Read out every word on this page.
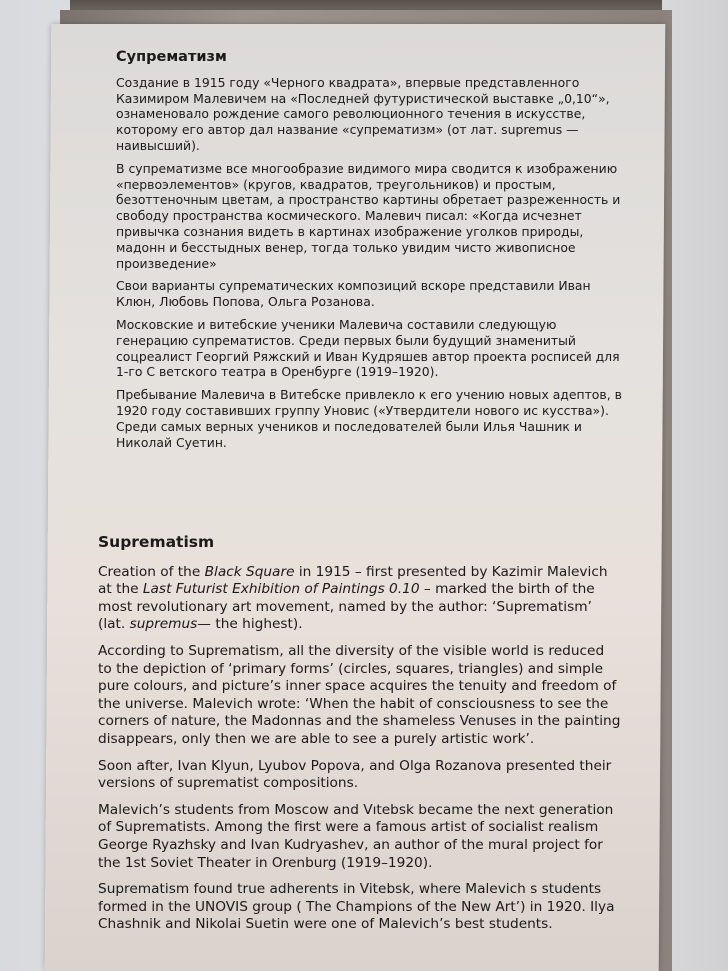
Супрематизм

Создание в 1915 году «Черного квадрата», впервые представленного Казимиром Малевичем на «Последней футуристической выставке „0,10“», ознаменовало рождение самого революционного течения в искусстве, которому его автор дал название «супрематизм» (от лат. supremus — наивысший).

В супрематизме все многообразие видимого мира сводится к изображению «первоэлементов» (кругов, квадратов, треугольников) и простым, безоттеночным цветам, а пространство картины обретает разреженность и свободу пространства космического. Малевич писал: «Когда исчезнет привычка сознания видеть в картинах изображение уголков природы, мадонн и бесстыдных венер, тогда только увидим чисто живописное произведение»

Свои варианты супрематических композиций вскоре представили Иван Клюн, Любовь Попова, Ольга Розанова.

Московские и витебские ученики Малевича составили следующую генерацию супрематистов. Среди первых были будущий знаменитый соцреалист Георгий Ряжский и Иван Кудряшев автор проекта росписей для 1-го С ветского театра в Оренбурге (1919–1920).

Пребывание Малевича в Витебске привлекло к его учению новых адептов, в 1920 году составивших группу Уновис («Утвердители нового ис кусства»). Среди самых верных учеников и последователей были Илья Чашник и Николай Суетин.

Suprematism

Creation of the Black Square in 1915 – first presented by Kazimir Malevich at the Last Futurist Exhibition of Paintings 0.10 – marked the birth of the most revolutionary art movement, named by the author: ‘Suprematism’ (lat. supremus— the highest).

According to Suprematism, all the diversity of the visible world is reduced to the depiction of ‘primary forms’ (circles, squares, triangles) and simple pure colours, and picture’s inner space acquires the tenuity and freedom of the universe. Malevich wrote: ‘When the habit of consciousness to see the corners of nature, the Madonnas and the shameless Venuses in the painting disappears, only then we are able to see a purely artistic work’.

Soon after, Ivan Klyun, Lyubov Popova, and Olga Rozanova presented their versions of suprematist compositions.

Malevich’s students from Moscow and Vıtebsk became the next generation of Suprematists. Among the first were a famous artist of socialist realism George Ryazhsky and Ivan Kudryashev, an author of the mural project for the 1st Soviet Theater in Orenburg (1919–1920).

Suprematism found true adherents in Vitebsk, where Malevich s students formed in the UNOVIS group ( The Champions of the New Art’) in 1920. Ilya Chashnik and Nikolai Suetin were one of Malevich’s best students.
